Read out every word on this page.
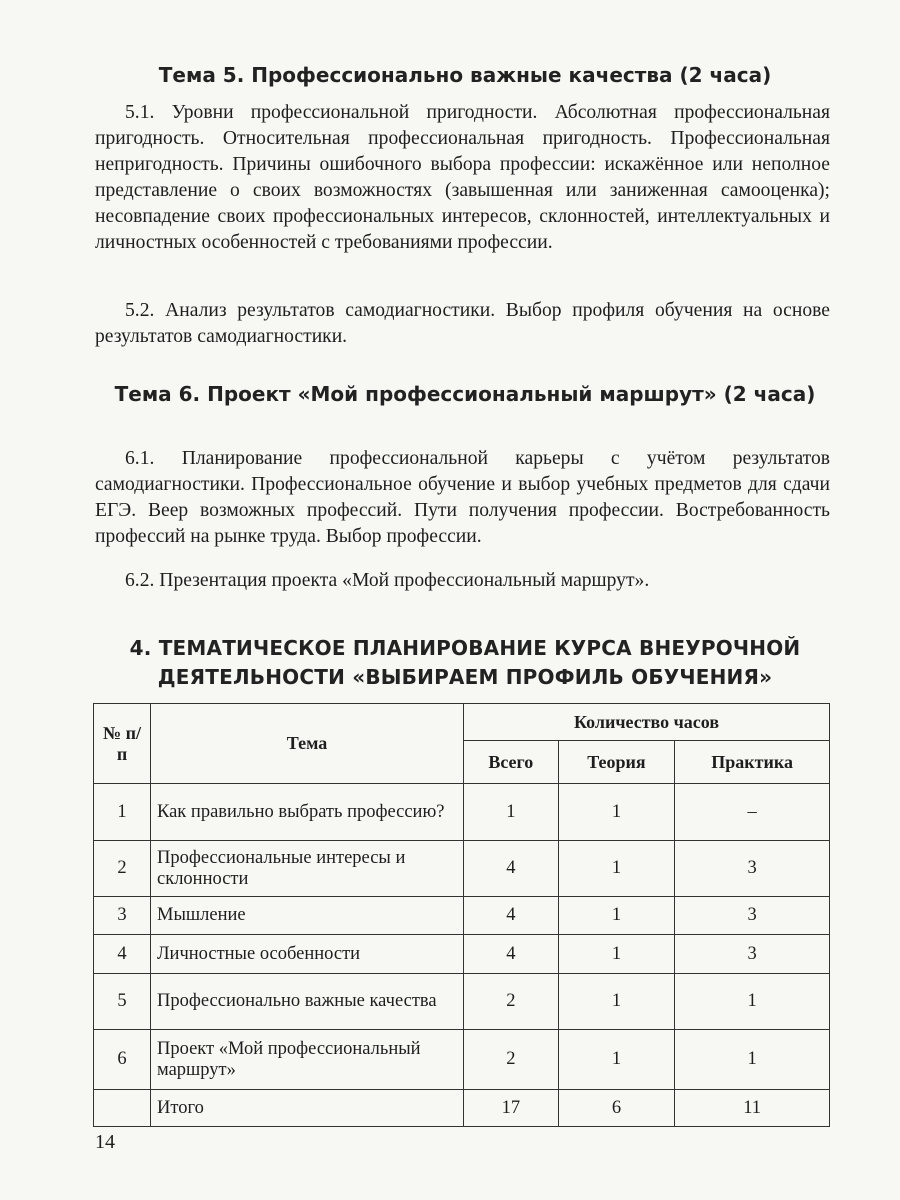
Тема 5. Профессионально важные качества (2 часа)

5.1. Уровни профессиональной пригодности. Абсолютная профессиональная пригодность. Относительная профессиональная пригодность. Профессиональная непригодность. Причины ошибочного выбора профессии: искажённое или неполное представление о своих возможностях (завышенная или заниженная самооценка); несовпадение своих профессиональных интересов, склонностей, интеллектуальных и личностных особенностей с требованиями профессии.

5.2. Анализ результатов самодиагностики. Выбор профиля обучения на основе результатов самодиагностики.

Тема 6. Проект «Мой профессиональный маршрут» (2 часа)

6.1. Планирование профессиональной карьеры с учётом результатов самодиагностики. Профессиональное обучение и выбор учебных предметов для сдачи ЕГЭ. Веер возможных профессий. Пути получения профессии. Востребованность профессий на рынке труда. Выбор профессии.

6.2. Презентация проекта «Мой профессиональный маршрут».

4. ТЕМАТИЧЕСКОЕ ПЛАНИРОВАНИЕ КУРСА ВНЕУРОЧНОЙ
ДЕЯТЕЛЬНОСТИ «ВЫБИРАЕМ ПРОФИЛЬ ОБУЧЕНИЯ»
№ п/п	Тема	Количество часов		
		Всего	Теория	Практика
1	Как правильно выбрать профессию?	1	1	–
2	Профессиональные интересы и склонности	4	1	3
3	Мышление	4	1	3
4	Личностные особенности	4	1	3
5	Профессионально важные качества	2	1	1
6	Проект «Мой профессиональный маршрут»	2	1	1
	Итого	17	6	11
14
